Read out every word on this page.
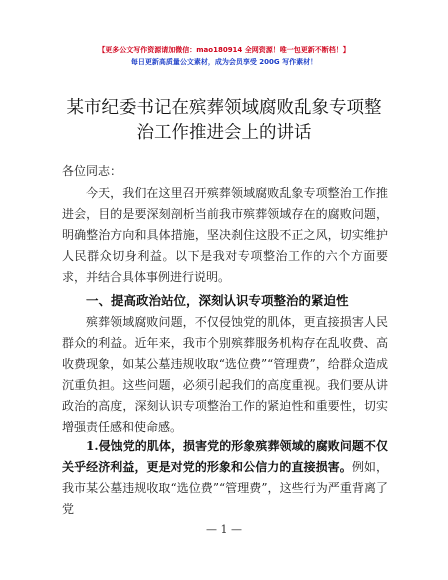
【更多公文写作资源请加微信：mao180914 全网资源！唯一包更新不断档！】
每日更新高质量公文素材，成为会员享受 200G 写作素材！
某市纪委书记在殡葬领域腐败乱象专项整治工作推进会上的讲话
各位同志：

今天，我们在这里召开殡葬领域腐败乱象专项整治工作推进会，目的是要深刻剖析当前我市殡葬领域存在的腐败问题，明确整治方向和具体措施，坚决刹住这股不正之风，切实维护人民群众切身利益。以下是我对专项整治工作的六个方面要求，并结合具体事例进行说明。

一、提高政治站位，深刻认识专项整治的紧迫性

殡葬领域腐败问题，不仅侵蚀党的肌体，更直接损害人民群众的利益。近年来，我市个别殡葬服务机构存在乱收费、高收费现象，如某公墓违规收取“选位费”“管理费”，给群众造成沉重负担。这些问题，必须引起我们的高度重视。我们要从讲政治的高度，深刻认识专项整治工作的紧迫性和重要性，切实增强责任感和使命感。

1.侵蚀党的肌体，损害党的形象殡葬领域的腐败问题不仅关乎经济利益，更是对党的形象和公信力的直接损害。例如，我市某公墓违规收取“选位费”“管理费”，这些行为严重背离了党

— 1 —
